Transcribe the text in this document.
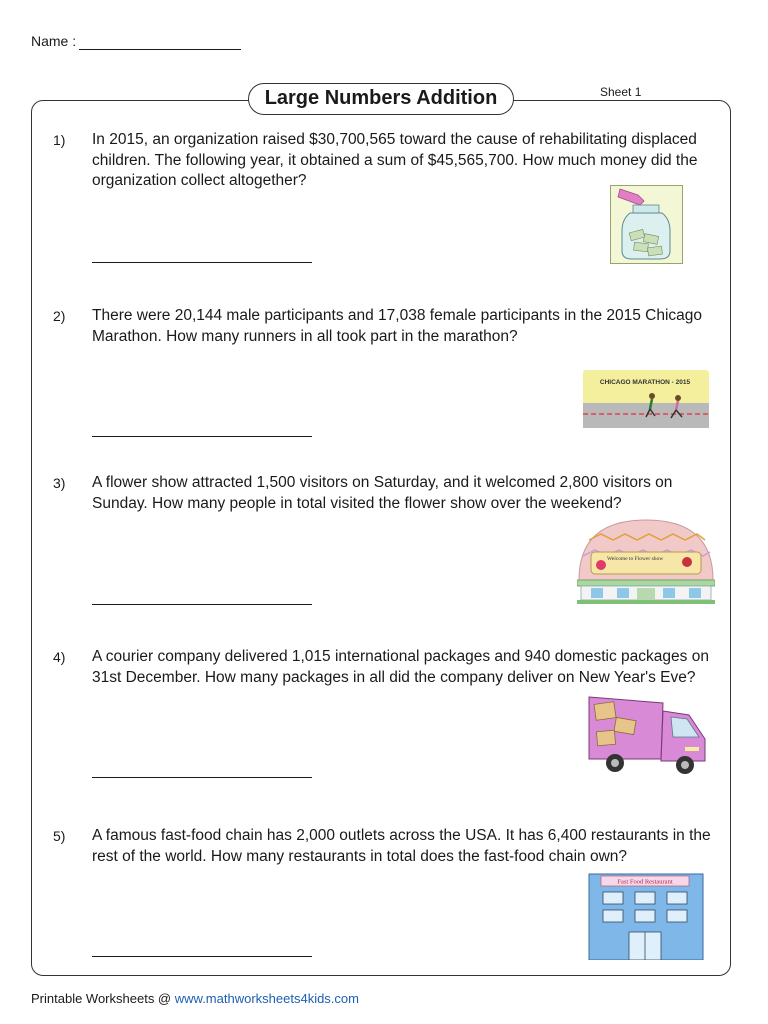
Name :
Large Numbers Addition	Sheet 1
1) In 2015, an organization raised $30,700,565 toward the cause of rehabilitating displaced children. The following year, it obtained a sum of $45,565,700. How much money did the organization collect altogether?
2) There were 20,144 male participants and 17,038 female participants in the 2015 Chicago Marathon. How many runners in all took part in the marathon?
CHICAGO MARATHON - 2015
3) A flower show attracted 1,500 visitors on Saturday, and it welcomed 2,800 visitors on Sunday. How many people in total visited the flower show over the weekend?
Welcome to Flower show
4) A courier company delivered 1,015 international packages and 940 domestic packages on 31st December. How many packages in all did the company deliver on New Year's Eve?
5) A famous fast-food chain has 2,000 outlets across the USA. It has 6,400 restaurants in the rest of the world. How many restaurants in total does the fast-food chain own?
Fast Food Restaurant
Printable Worksheets @ www.mathworksheets4kids.com
